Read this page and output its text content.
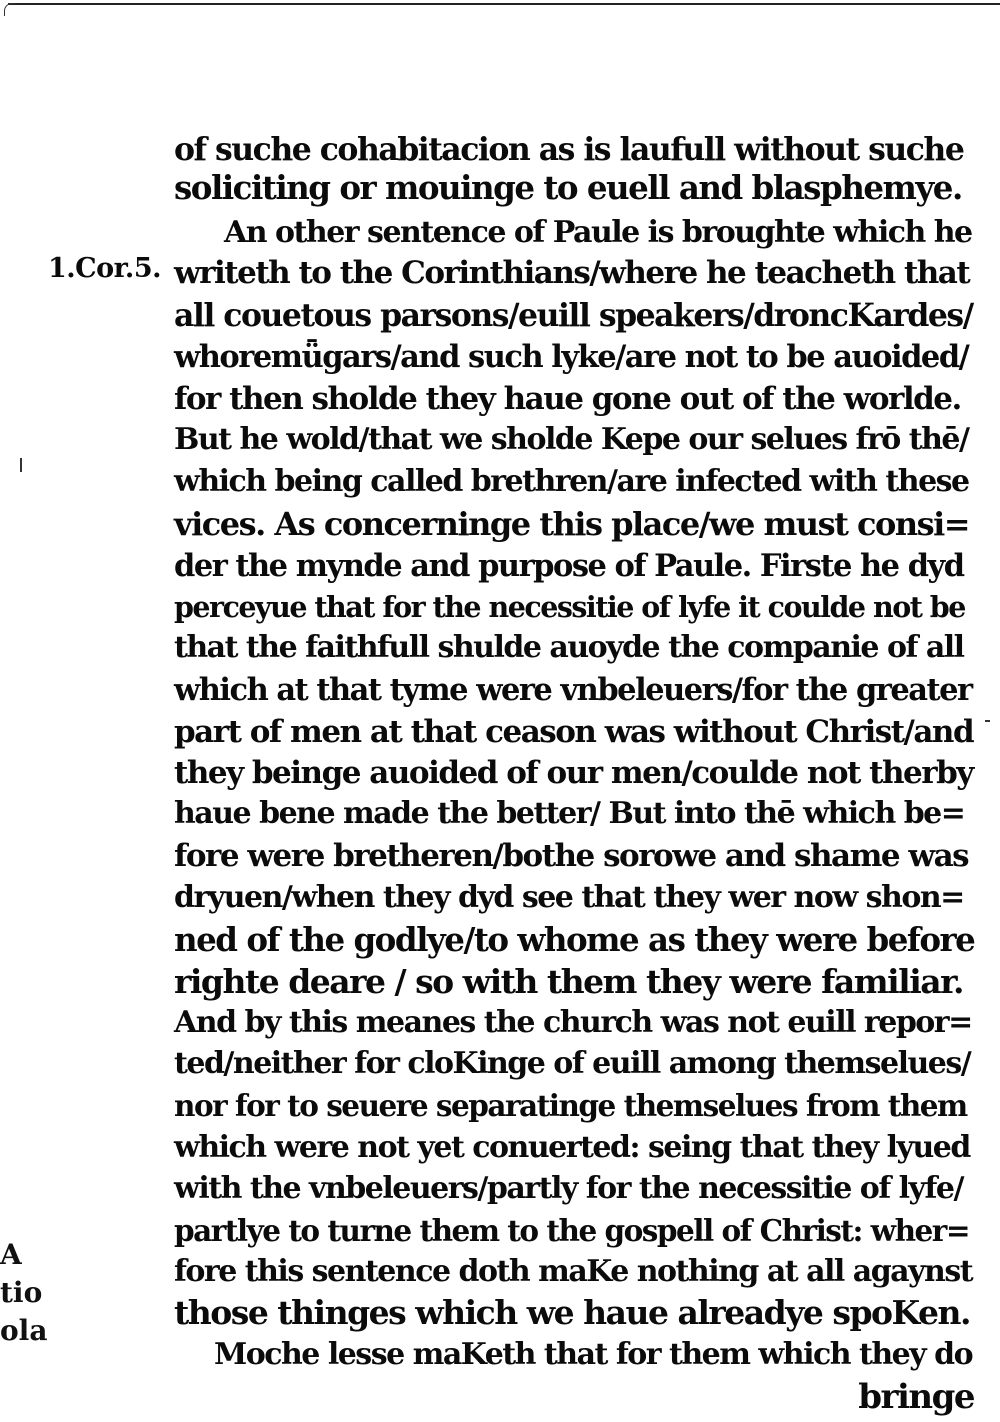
1.Cor.5.
A
tio
ola
of suche cohabitacion as is laufull without suche
soliciting or mouinge to euell and blasphemye.
An other sentence of Paule is broughte which he
writeth to the Corinthians/where he teacheth that
all couetous parsons/euill speakers/droncKardes/
whoremǖgars/and such lyke/are not to be auoided/
for then sholde they haue gone out of the worlde.
But he wold/that we sholde Kepe our selues frō thē/
which being called brethren/are infected with these
vices. As concerninge this place/we must consi=
der the mynde and purpose of Paule. Firste he dyd
perceyue that for the necessitie of lyfe it coulde not be
that the faithfull shulde auoyde the companie of all
which at that tyme were vnbeleuers/for the greater
part of men at that ceason was without Christ/and
they beinge auoided of our men/coulde not therby
haue bene made the better/ But into thē which be=
fore were bretheren/bothe sorowe and shame was
dryuen/when they dyd see that they wer now shon=
ned of the godlye/to whome as they were before
righte deare / so with them they were familiar.
And by this meanes the church was not euill repor=
ted/neither for cloKinge of euill among themselues/
nor for to seuere separatinge themselues from them
which were not yet conuerted: seing that they lyued
with the vnbeleuers/partly for the necessitie of lyfe/
partlye to turne them to the gospell of Christ: wher=
fore this sentence doth maKe nothing at all agaynst
those thinges which we haue alreadye spoKen.
Moche lesse maKeth that for them which they do
bringe
